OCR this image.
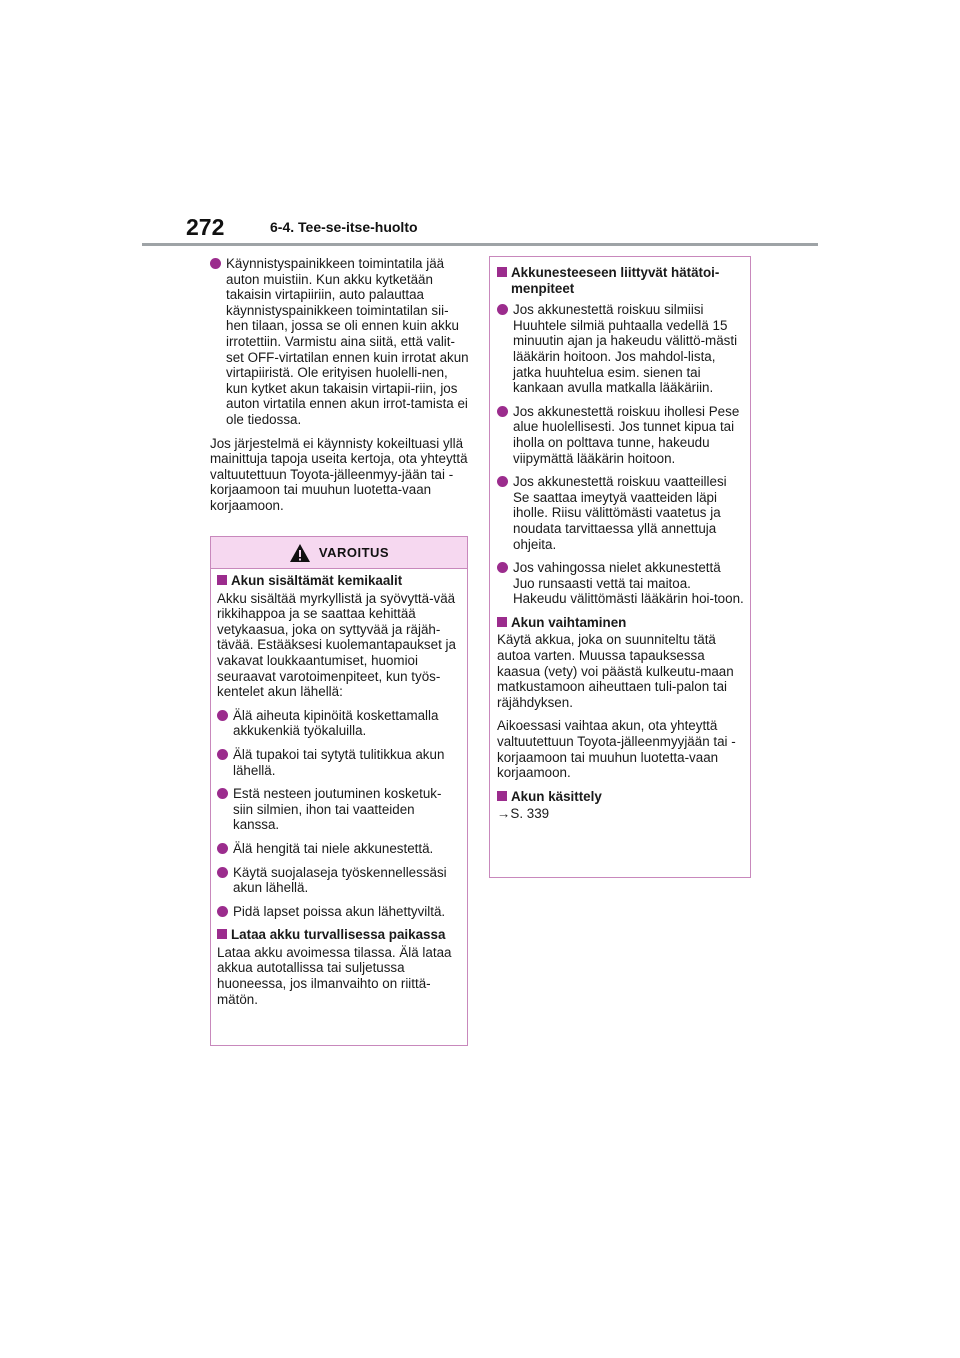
272	6-4. Tee-se-itse-huolto
Käynnistyspainikkeen toimintatila jää auton muistiin. Kun akku kytketään takaisin virtapiiriin, auto palauttaa käynnistyspainikkeen toimintatilan sii-hen tilaan, jossa se oli ennen kuin akku irrotettiin. Varmistu aina siitä, että valit-set OFF-virtatilan ennen kuin irrotat akun virtapiiristä. Ole erityisen huolelli-nen, kun kytket akun takaisin virtapii-riin, jos auton virtatila ennen akun irrot-tamista ei ole tiedossa.

Jos järjestelmä ei käynnisty kokeiltuasi yllä mainittuja tapoja useita kertoja, ota yhteyttä valtuutettuun Toyota-jälleenmyy-jään tai -korjaamoon tai muuhun luotetta-vaan korjaamoon.

VAROITUS
Akun sisältämät kemikaalit

Akku sisältää myrkyllistä ja syövyttä-vää rikkihappoa ja se saattaa kehittää vetykaasua, joka on syttyvää ja räjäh-tävää. Estääksesi kuolemantapaukset ja vakavat loukkaantumiset, huomioi seuraavat varotoimenpiteet, kun työs-kentelet akun lähellä:

Älä aiheuta kipinöitä koskettamalla akkukenkiä työkaluilla.
Älä tupakoi tai sytytä tulitikkua akun lähellä.
Estä nesteen joutuminen kosketuk-siin silmien, ihon tai vaatteiden kanssa.
Älä hengitä tai niele akkunestettä.
Käytä suojalaseja työskennellessäsi akun lähellä.
Pidä lapset poissa akun lähettyviltä.
Lataa akku turvallisessa paikassa

Lataa akku avoimessa tilassa. Älä lataa akkua autotallissa tai suljetussa huoneessa, jos ilmanvaihto on riittä-mätön.

Akkunesteeseen liittyvät hätätoi-menpiteet
Jos akkunestettä roiskuu silmiisi Huuhtele silmiä puhtaalla vedellä 15 minuutin ajan ja hakeudu välittö-mästi lääkärin hoitoon. Jos mahdol-lista, jatka huuhtelua esim. sienen tai kankaan avulla matkalla lääkäriin.
Jos akkunestettä roiskuu ihollesi Pese alue huolellisesti. Jos tunnet kipua tai iholla on polttava tunne, hakeudu viipymättä lääkärin hoitoon.
Jos akkunestettä roiskuu vaatteillesi Se saattaa imeytyä vaatteiden läpi iholle. Riisu välittömästi vaatetus ja noudata tarvittaessa yllä annettuja ohjeita.
Jos vahingossa nielet akkunestettä Juo runsaasti vettä tai maitoa. Hakeudu välittömästi lääkärin hoi-toon.
Akun vaihtaminen

Käytä akkua, joka on suunniteltu tätä autoa varten. Muussa tapauksessa kaasua (vety) voi päästä kulkeutu-maan matkustamoon aiheuttaen tuli-palon tai räjähdyksen.

Aikoessasi vaihtaa akun, ota yhteyttä valtuutettuun Toyota-jälleenmyyjään tai -korjaamoon tai muuhun luotetta-vaan korjaamoon.

Akun käsittely

→S. 339
